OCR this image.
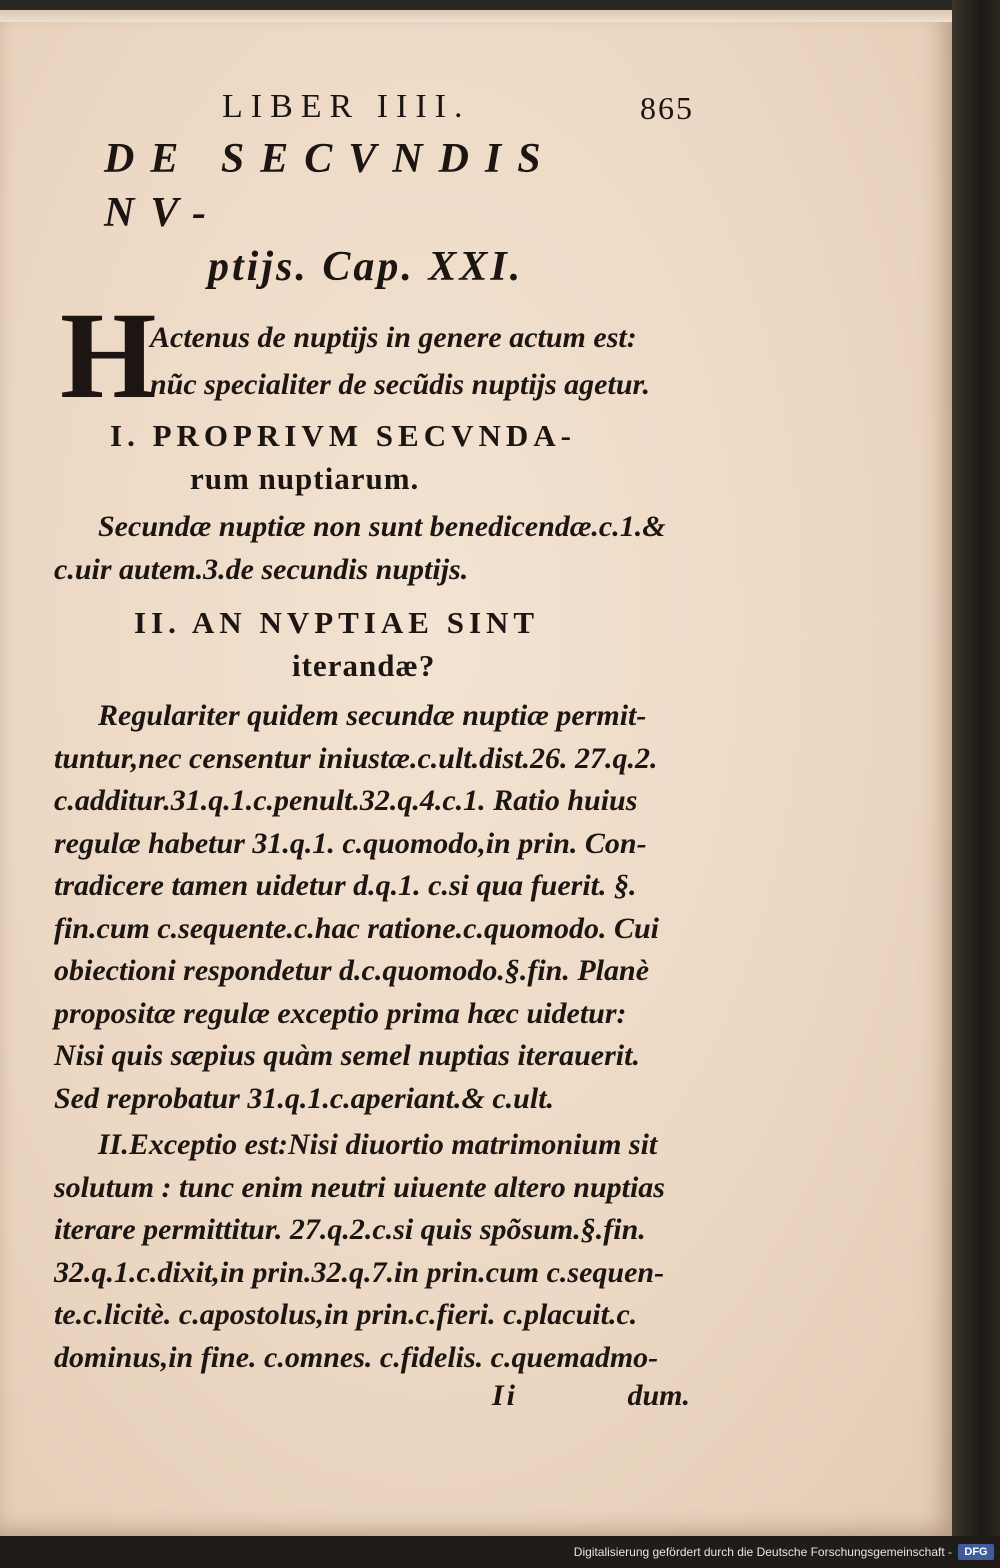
LIBER IIII.	865
DE SECVNDIS NV-
ptijs. Cap. XXI.
H
Actenus de nuptijs in genere actum est:
nũc specialiter de secũdis nuptijs agetur.
I. PROPRIVM SECVNDA-
rum nuptiarum.

Secundæ nuptiæ non sunt benedicendæ.c.1.&
c.uir autem.3.de secundis nuptijs.

II. AN NVPTIAE SINT
iterandæ?

Regulariter quidem secundæ nuptiæ permit-
tuntur,nec censentur iniustæ.c.ult.dist.26. 27.q.2.
c.additur.31.q.1.c.penult.32.q.4.c.1. Ratio huius
regulæ habetur 31.q.1. c.quomodo,in prin. Con-
tradicere tamen uidetur d.q.1. c.si qua fuerit. §.
fin.cum c.sequente.c.hac ratione.c.quomodo. Cui
obiectioni respondetur d.c.quomodo.§.fin. Planè
propositæ regulæ exceptio prima hæc uidetur:
Nisi quis sæpius quàm semel nuptias iterauerit.
Sed reprobatur 31.q.1.c.aperiant.& c.ult.

II.Exceptio est:Nisi diuortio matrimonium sit
solutum : tunc enim neutri uiuente altero nuptias
iterare permittitur. 27.q.2.c.si quis spõsum.§.fin.
32.q.1.c.dixit,in prin.32.q.7.in prin.cum c.sequen-
te.c.licitè. c.apostolus,in prin.c.fieri. c.placuit.c.
dominus,in fine. c.omnes. c.fidelis. c.quemadmo-

Ii	dum.
Digitalisierung gefördert durch die Deutsche Forschungsgemeinschaft -	DFG
